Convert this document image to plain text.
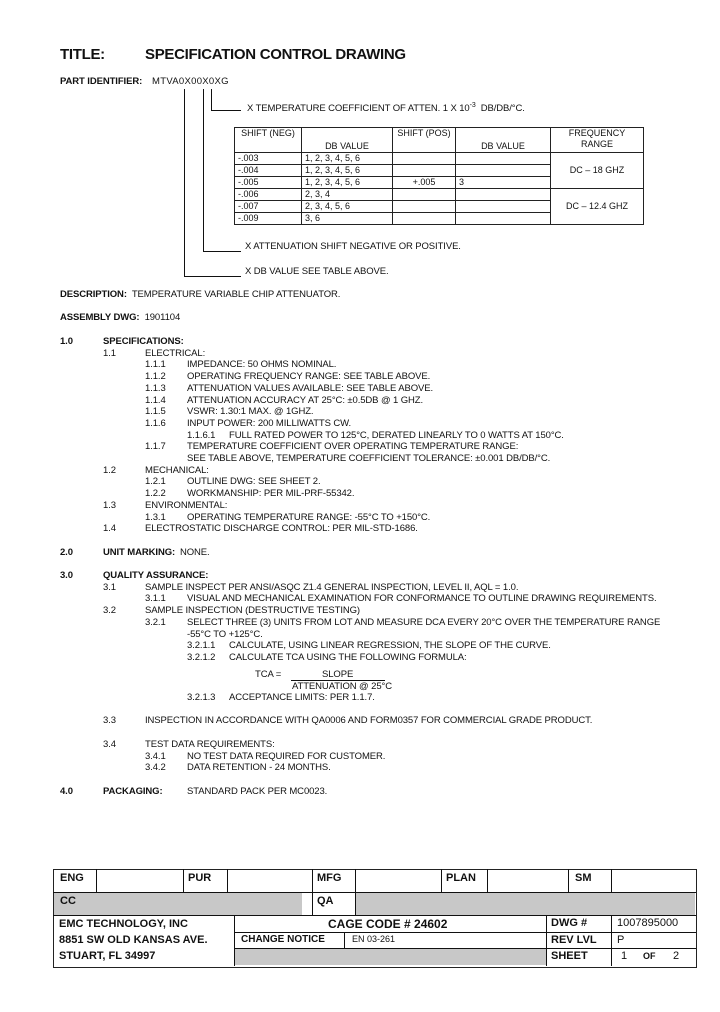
TITLE:	SPECIFICATION CONTROL DRAWING
PART IDENTIFIER: MTVA0X00X0XG
X TEMPERATURE COEFFICIENT OF ATTEN. 1 X $10^{-3}$ DB/DB/°C.
X ATTENUATION SHIFT NEGATIVE OR POSITIVE.
X DB VALUE SEE TABLE ABOVE.
SHIFT (NEG)	DB VALUE	SHIFT (POS)	DB VALUE	FREQUENCY RANGE
-.003	1, 2, 3, 4, 5, 6			DC – 18 GHZ
-.004	1, 2, 3, 4, 5, 6			
-.005	1, 2, 3, 4, 5, 6	+.005	3	
-.006	2, 3, 4			DC – 12.4 GHZ
-.007	2, 3, 4, 5, 6			
-.009	3, 6			
DESCRIPTION: TEMPERATURE VARIABLE CHIP ATTENUATOR.
ASSEMBLY DWG: 1901104
1.0	SPECIFICATIONS:
1.1	ELECTRICAL:
1.1.1 IMPEDANCE: 50 OHMS NOMINAL.
1.1.2 OPERATING FREQUENCY RANGE: SEE TABLE ABOVE.
1.1.3 ATTENUATION VALUES AVAILABLE: SEE TABLE ABOVE.
1.1.4 ATTENUATION ACCURACY AT 25°C: ±0.5DB @ 1 GHZ.
1.1.5 VSWR: 1.30:1 MAX. @ 1GHZ.
1.1.6 INPUT POWER: 200 MILLIWATTS CW.
1.1.6.1 FULL RATED POWER TO 125°C, DERATED LINEARLY TO 0 WATTS AT 150°C.
1.1.7 TEMPERATURE COEFFICIENT OVER OPERATING TEMPERATURE RANGE:
SEE TABLE ABOVE, TEMPERATURE COEFFICIENT TOLERANCE: ±0.001 DB/DB/°C.
1.2	MECHANICAL:
1.2.1 OUTLINE DWG: SEE SHEET 2.
1.2.2 WORKMANSHIP: PER MIL-PRF-55342.
1.3	ENVIRONMENTAL:
1.3.1 OPERATING TEMPERATURE RANGE: -55°C TO +150°C.
1.4	ELECTROSTATIC DISCHARGE CONTROL: PER MIL-STD-1686.
2.0	UNIT MARKING: NONE.
3.0	QUALITY ASSURANCE:
3.1	SAMPLE INSPECT PER ANSI/ASQC Z1.4 GENERAL INSPECTION, LEVEL II, AQL = 1.0.
3.1.1 VISUAL AND MECHANICAL EXAMINATION FOR CONFORMANCE TO OUTLINE DRAWING REQUIREMENTS.
3.2	SAMPLE INSPECTION (DESTRUCTIVE TESTING)
3.2.1 SELECT THREE (3) UNITS FROM LOT AND MEASURE DCA EVERY 20°C OVER THE TEMPERATURE RANGE
-55°C TO +125°C.
3.2.1.1 CALCULATE, USING LINEAR REGRESSION, THE SLOPE OF THE CURVE.
3.2.1.2 CALCULATE TCA USING THE FOLLOWING FORMULA:
3.2.1.3 ACCEPTANCE LIMITS: PER 1.1.7.
3.3	INSPECTION IN ACCORDANCE WITH QA0006 AND FORM0357 FOR COMMERCIAL GRADE PRODUCT.
3.4	TEST DATA REQUIREMENTS:
3.4.1 NO TEST DATA REQUIRED FOR CUSTOMER.
3.4.2 DATA RETENTION - 24 MONTHS.
4.0	PACKAGING:	STANDARD PACK PER MC0023.
TCA =	SLOPE
ATTENUATION @ 25°C
ENG	PUR	MFG	PLAN	SM
CC	QA
EMC TECHNOLOGY, INC
8851 SW OLD KANSAS AVE.
STUART, FL 34997
CAGE CODE # 24602
CHANGE NOTICE	EN 03-261
DWG #	1007895000
REV LVL P
SHEET	1 OF 2
